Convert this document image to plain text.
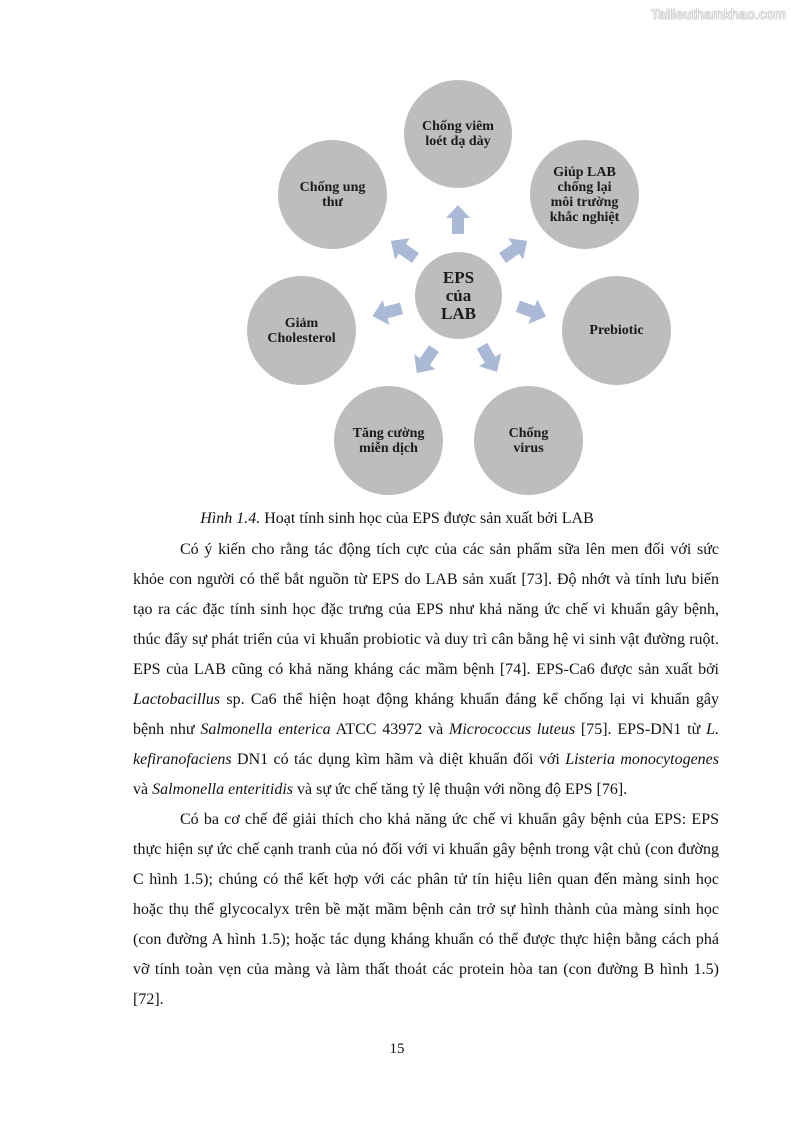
Tailieuthamkhao.com
EPS
của
LAB
Chống viêm
loét dạ dày
Giúp LAB
chống lại
môi trường
khắc nghiệt
Prebiotic
Chống
virus
Tăng cường
miễn dịch
Giảm
Cholesterol
Chống ung
thư
Hình 1.4. Hoạt tính sinh học của EPS được sản xuất bởi LAB

Có ý kiến cho rằng tác động tích cực của các sản phẩm sữa lên men đối với sức khỏe con người có thể bắt nguồn từ EPS do LAB sản xuất [73]. Độ nhớt và tính lưu biến tạo ra các đặc tính sinh học đặc trưng của EPS như khả năng ức chế vi khuẩn gây bệnh, thúc đẩy sự phát triển của vi khuẩn probiotic và duy trì cân bằng hệ vi sinh vật đường ruột. EPS của LAB cũng có khả năng kháng các mầm bệnh [74]. EPS-Ca6 được sản xuất bởi Lactobacillus sp. Ca6 thể hiện hoạt động kháng khuẩn đáng kể chống lại vi khuẩn gây bệnh như Salmonella enterica ATCC 43972 và Micrococcus luteus [75]. EPS-DN1 từ L. kefiranofaciens DN1 có tác dụng kìm hãm và diệt khuẩn đối với Listeria monocytogenes và Salmonella enteritidis và sự ức chế tăng tỷ lệ thuận với nồng độ EPS [76].

Có ba cơ chế để giải thích cho khả năng ức chế vi khuẩn gây bệnh của EPS: EPS thực hiện sự ức chế cạnh tranh của nó đối với vi khuẩn gây bệnh trong vật chủ (con đường C hình 1.5); chúng có thể kết hợp với các phân tử tín hiệu liên quan đến màng sinh học hoặc thụ thể glycocalyx trên bề mặt mầm bệnh cản trở sự hình thành của màng sinh học (con đường A hình 1.5); hoặc tác dụng kháng khuẩn có thể được thực hiện bằng cách phá vỡ tính toàn vẹn của màng và làm thất thoát các protein hòa tan (con đường B hình 1.5) [72].

15
